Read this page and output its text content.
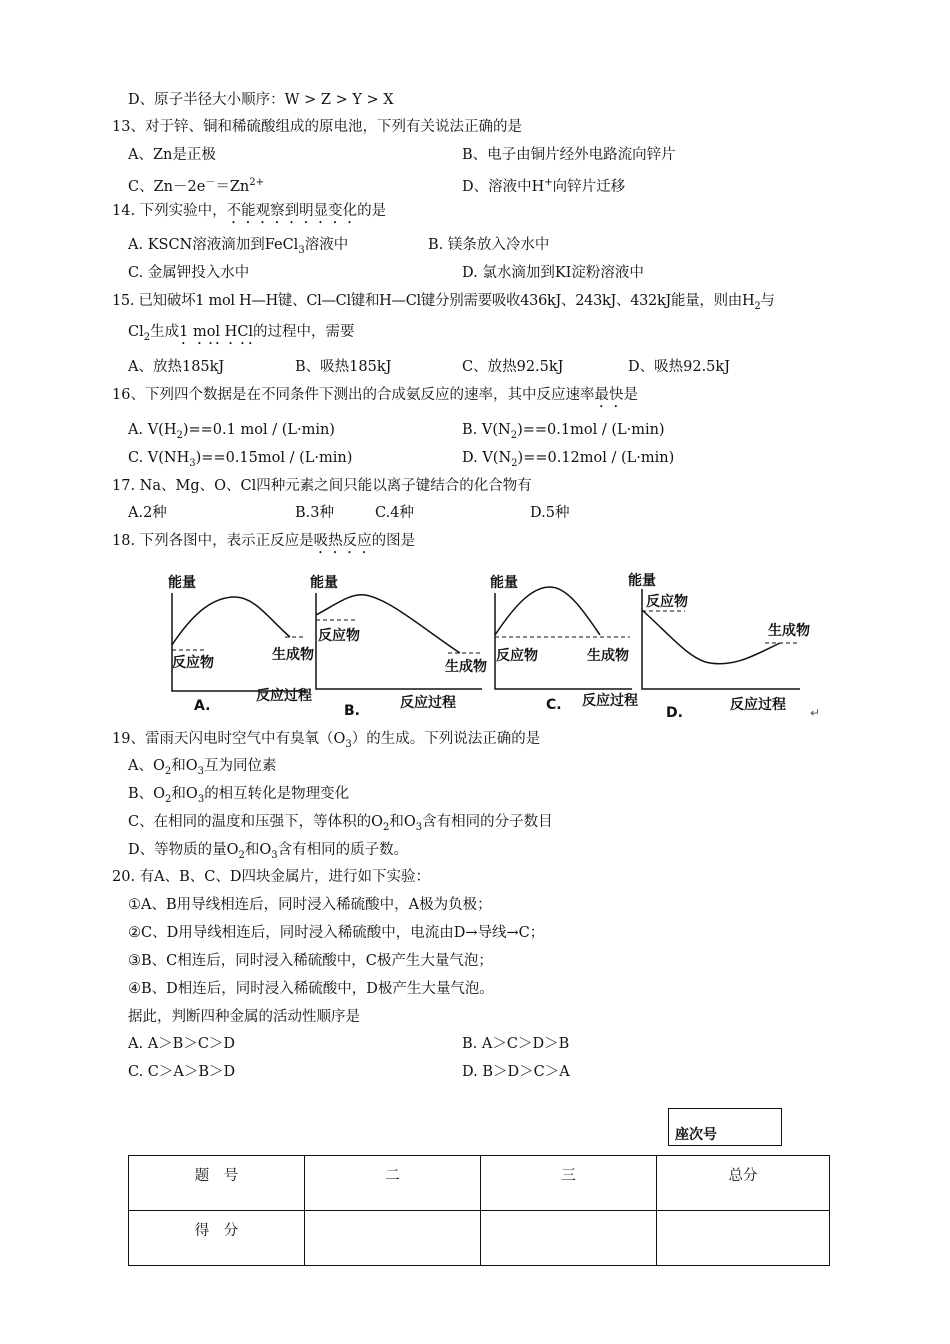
D、原子半径大小顺序：W > Z > Y > X
13、对于锌、铜和稀硫酸组成的原电池，下列有关说法正确的是
A、Zn是正极	B、电子由铜片经外电路流向锌片
C、$Zn-2e^-=Zn^{2+}$	D、溶液中H+向锌片迁移
14. 下列实验中，不能观察到明显变化的是
A. KSCN溶液滴加到FeCl$_3$溶液中	B. 镁条放入冷水中
C. 金属钾投入水中	D. 氯水滴加到KI淀粉溶液中
15. 已知破坏1 mol H—H键、Cl—Cl键和H—Cl键分别需要吸收436kJ、243kJ、432kJ能量，则由$H_2$与
$Cl_2$生成1 mol HCl的过程中，需要
A、放热185kJ	B、吸热185kJ	C、放热92.5kJ	D、吸热92.5kJ
16、下列四个数据是在不同条件下测出的合成氨反应的速率，其中反应速率最快是
A. $V(H_2)==0.1$ mol / (L·min)	B. $V(N_2)==0.1mol / (L\cdot\min)$
C. $V(NH_3)==0.15mol / (L\cdot\min)$	D. $V(N_2)==0.12mol / (L\cdot\min)$
17. Na、Mg、O、Cl四种元素之间只能以离子键结合的化合物有
A.2种	B.3种	C.4种	D.5种
18. 下列各图中，表示正反应是吸热反应的图是
能量
反应物	生成物
A.
反应过程
能量
反应物
生成物
B.	反应过程
能量
反应物	生成物
C. 反应过程
能量
反应物
生成物
D.	反应过程 ↵
19、雷雨天闪电时空气中有臭氧$(O_3)$的生成。下列说法正确的是
A、$O_2$和$O_3$互为同位素
B、$O_2$和$O_3$的相互转化是物理变化
C、在相同的温度和压强下，等体积的$O_2$和$O_3$含有相同的分子数目
D、等物质的量$O_2$和$O_3$含有相同的质子数。
20. 有A、B、C、D四块金属片，进行如下实验：
①A、B用导线相连后，同时浸入稀硫酸中，A极为负极；
②C、D用导线相连后，同时浸入稀硫酸中，电流由D→导线→C；
③B、C相连后，同时浸入稀硫酸中，C极产生大量气泡；
④B、D相连后，同时浸入稀硫酸中，D极产生大量气泡。
据此，判断四种金属的活动性顺序是
A. A＞B＞C＞D	B. A＞C＞D＞B
C. C＞A＞B＞D	D. B＞D＞C＞A
座次号
题　号	二	三	总分
得　分			
